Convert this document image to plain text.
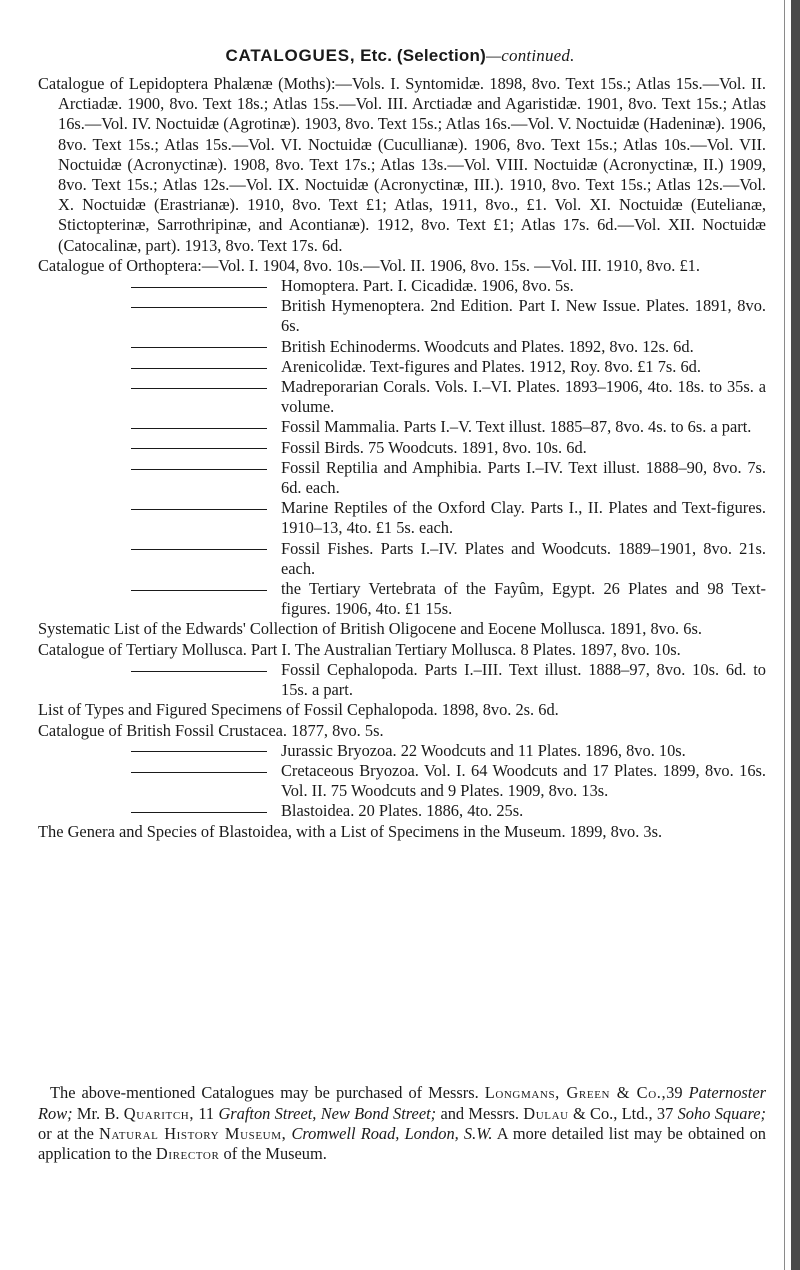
CATALOGUES, Etc. (Selection)—continued.

Catalogue of Lepidoptera Phalænæ (Moths):—Vols. I. Syntomidæ. 1898, 8vo. Text 15s.; Atlas 15s.—Vol. II. Arctiadæ. 1900, 8vo. Text 18s.; Atlas 15s.—Vol. III. Arctiadæ and Agaristidæ. 1901, 8vo. Text 15s.; Atlas 16s.—Vol. IV. Noctuidæ (Agrotinæ). 1903, 8vo. Text 15s.; Atlas 16s.—Vol. V. Noctuidæ (Hadeninæ). 1906, 8vo. Text 15s.; Atlas 15s.—Vol. VI. Noctuidæ (Cucullianæ). 1906, 8vo. Text 15s.; Atlas 10s.—Vol. VII. Noctuidæ (Acronyctinæ). 1908, 8vo. Text 17s.; Atlas 13s.—Vol. VIII. Noctuidæ (Acronyctinæ, II.) 1909, 8vo. Text 15s.; Atlas 12s.—Vol. IX. Noctuidæ (Acronyctinæ, III.). 1910, 8vo. Text 15s.; Atlas 12s.—Vol. X. Noctuidæ (Erastrianæ). 1910, 8vo. Text £1; Atlas, 1911, 8vo., £1. Vol. XI. Noctuidæ (Eutelianæ, Stictopterinæ, Sarrothripinæ, and Acontianæ). 1912, 8vo. Text £1; Atlas 17s. 6d.—Vol. XII. Noctuidæ (Catocalinæ, part). 1913, 8vo. Text 17s. 6d.

Catalogue of Orthoptera:—Vol. I. 1904, 8vo. 10s.—Vol. II. 1906, 8vo. 15s. —Vol. III. 1910, 8vo. £1.

Homoptera. Part. I. Cicadidæ. 1906, 8vo. 5s.

British Hymenoptera. 2nd Edition. Part I. New Issue. Plates. 1891, 8vo. 6s.

British Echinoderms. Woodcuts and Plates. 1892, 8vo. 12s. 6d.

Arenicolidæ. Text-figures and Plates. 1912, Roy. 8vo. £1 7s. 6d.

Madreporarian Corals. Vols. I.–VI. Plates. 1893–1906, 4to. 18s. to 35s. a volume.

Fossil Mammalia. Parts I.–V. Text illust. 1885–87, 8vo. 4s. to 6s. a part.

Fossil Birds. 75 Woodcuts. 1891, 8vo. 10s. 6d.

Fossil Reptilia and Amphibia. Parts I.–IV. Text illust. 1888–90, 8vo. 7s. 6d. each.

Marine Reptiles of the Oxford Clay. Parts I., II. Plates and Text-figures. 1910–13, 4to. £1 5s. each.

Fossil Fishes. Parts I.–IV. Plates and Woodcuts. 1889–1901, 8vo. 21s. each.

the Tertiary Vertebrata of the Fayûm, Egypt. 26 Plates and 98 Text-figures. 1906, 4to. £1 15s.

Systematic List of the Edwards' Collection of British Oligocene and Eocene Mollusca. 1891, 8vo. 6s.

Catalogue of Tertiary Mollusca. Part I. The Australian Tertiary Mollusca. 8 Plates. 1897, 8vo. 10s.

Fossil Cephalopoda. Parts I.–III. Text illust. 1888–97, 8vo. 10s. 6d. to 15s. a part.

List of Types and Figured Specimens of Fossil Cephalopoda. 1898, 8vo. 2s. 6d.

Catalogue of British Fossil Crustacea. 1877, 8vo. 5s.

Jurassic Bryozoa. 22 Woodcuts and 11 Plates. 1896, 8vo. 10s.

Cretaceous Bryozoa. Vol. I. 64 Woodcuts and 17 Plates. 1899, 8vo. 16s. Vol. II. 75 Woodcuts and 9 Plates. 1909, 8vo. 13s.

Blastoidea. 20 Plates. 1886, 4to. 25s.

The Genera and Species of Blastoidea, with a List of Specimens in the Museum. 1899, 8vo. 3s.

The above-mentioned Catalogues may be purchased of Messrs. Longmans, Green & Co.,39 Paternoster Row; Mr. B. Quaritch, 11 Grafton Street, New Bond Street; and Messrs. Dulau & Co., Ltd., 37 Soho Square; or at the Natural History Museum, Cromwell Road, London, S.W. A more detailed list may be obtained on application to the Director of the Museum.
